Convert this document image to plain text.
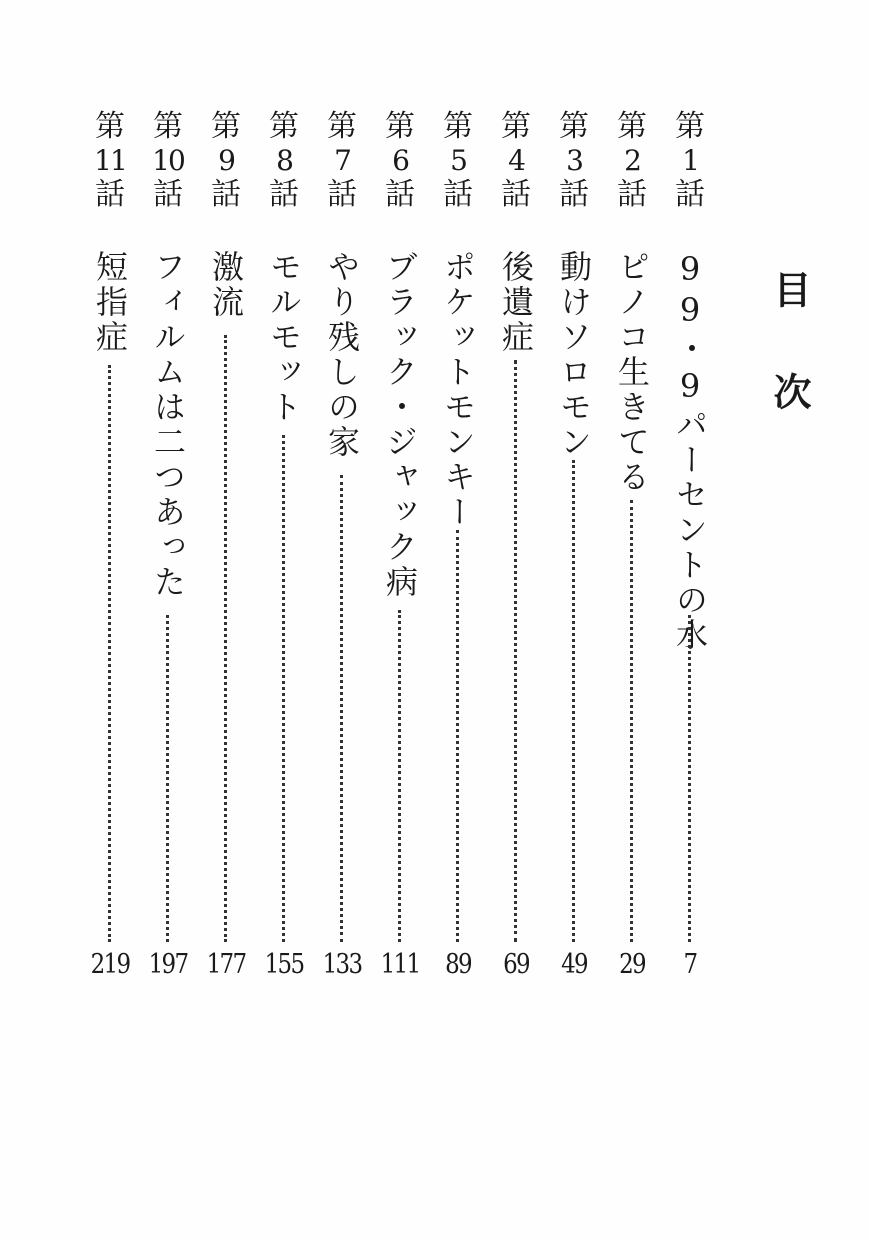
目次
第
1
話
99・9パーセントの水
7
第
2
話
ピノコ生きてる
29
第
3
話
動けソロモン
49
第
4
話
後遺症
69
第
5
話
ポケットモンキー
89
第
6
話
ブラック・ジャック病
111
第
7
話
やり残しの家
133
第
8
話
モルモット
155
第
9
話
激流
177
第
10
話
フィルムは二つあった
197
第
11
話
短指症
219
